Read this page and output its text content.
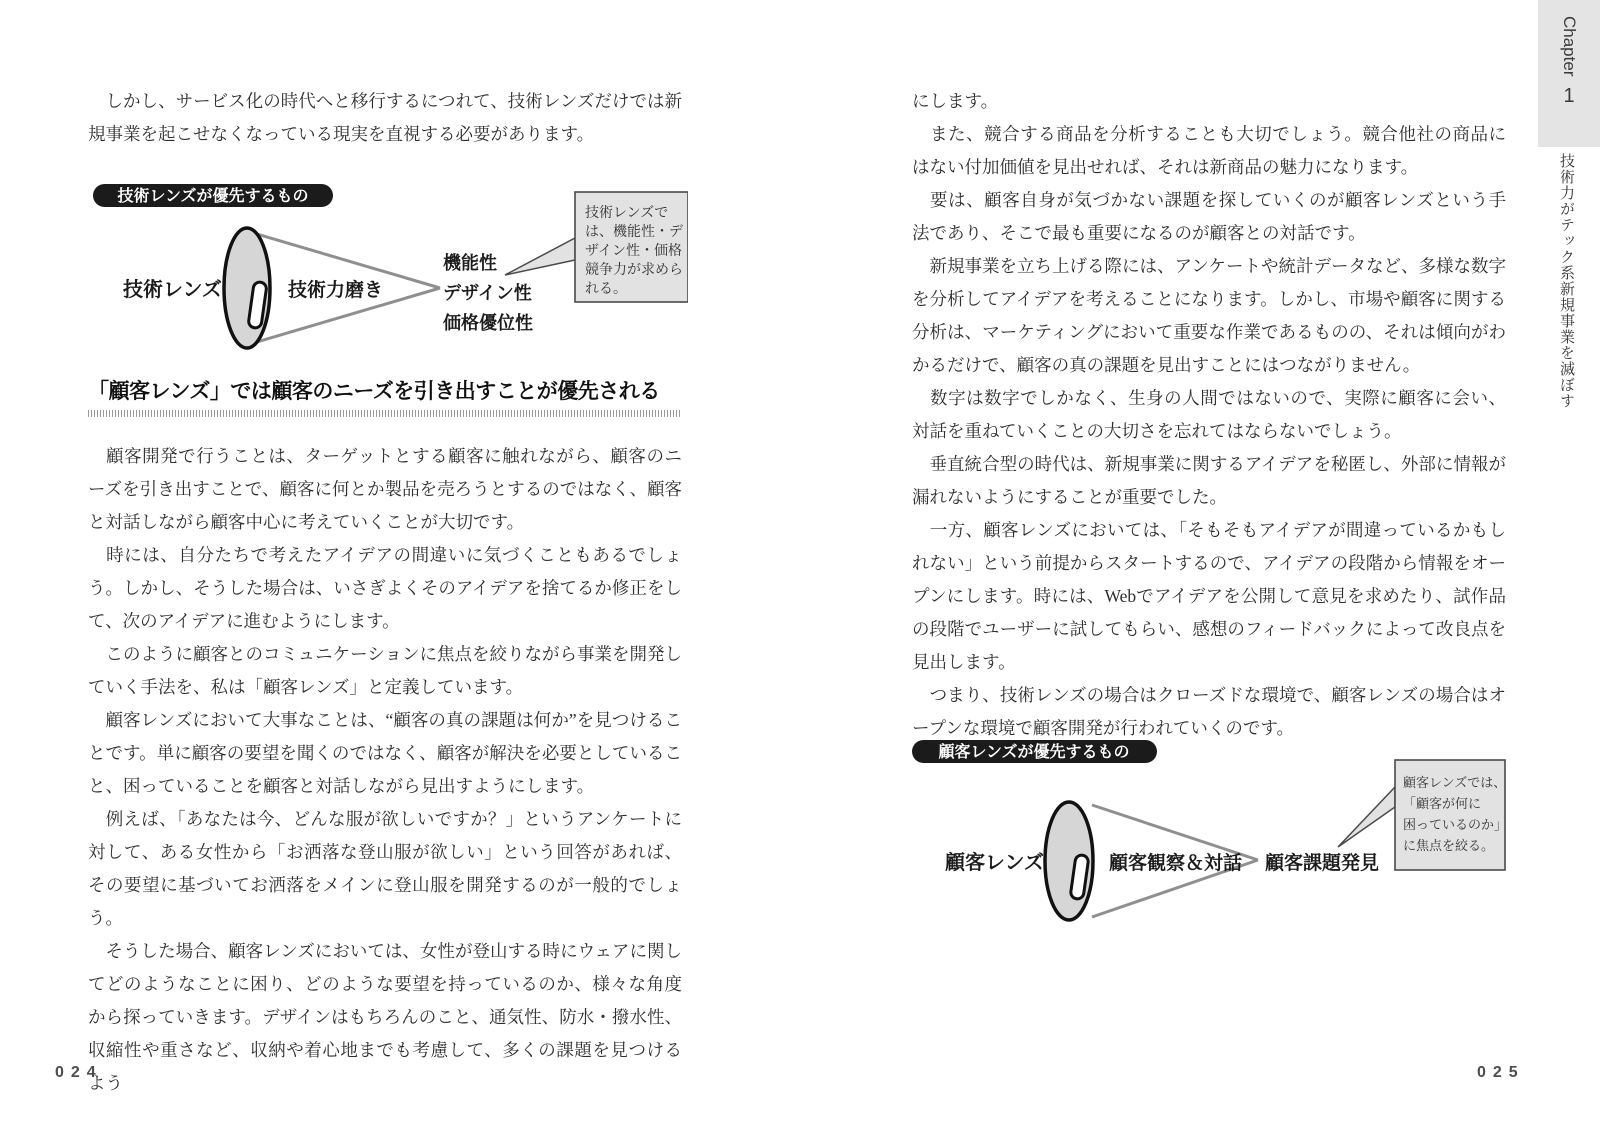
　しかし、サービス化の時代へと移行するにつれて、技術レンズだけでは新規事業を起こせなくなっている現実を直視する必要があります。

技術レンズが優先するもの
技術レンズ	技術力磨き
機能性
デザイン性
価格優位性
技術レンズで
は、機能性・デ
ザイン性・価格
競争力が求めら
れる。
「顧客レンズ」では顧客のニーズを引き出すことが優先される

　顧客開発で行うことは、ターゲットとする顧客に触れながら、顧客のニーズを引き出すことで、顧客に何とか製品を売ろうとするのではなく、顧客と対話しながら顧客中心に考えていくことが大切です。

　時には、自分たちで考えたアイデアの間違いに気づくこともあるでしょう。しかし、そうした場合は、いさぎよくそのアイデアを捨てるか修正をして、次のアイデアに進むようにします。

　このように顧客とのコミュニケーションに焦点を絞りながら事業を開発していく手法を、私は「顧客レンズ」と定義しています。

　顧客レンズにおいて大事なことは、“顧客の真の課題は何か”を見つけることです。単に顧客の要望を聞くのではなく、顧客が解決を必要としていること、困っていることを顧客と対話しながら見出すようにします。

　例えば、「あなたは今、どんな服が欲しいですか？」というアンケートに対して、ある女性から「お洒落な登山服が欲しい」という回答があれば、その要望に基づいてお洒落をメインに登山服を開発するのが一般的でしょう。

　そうした場合、顧客レンズにおいては、女性が登山する時にウェアに関してどのようなことに困り、どのような要望を持っているのか、様々な角度から探っていきます。デザインはもちろんのこと、通気性、防水・撥水性、収縮性や重さなど、収納や着心地までも考慮して、多くの課題を見つけるよう

024

にします。

　また、競合する商品を分析することも大切でしょう。競合他社の商品にはない付加価値を見出せれば、それは新商品の魅力になります。

　要は、顧客自身が気づかない課題を探していくのが顧客レンズという手法であり、そこで最も重要になるのが顧客との対話です。

　新規事業を立ち上げる際には、アンケートや統計データなど、多様な数字を分析してアイデアを考えることになります。しかし、市場や顧客に関する分析は、マーケティングにおいて重要な作業であるものの、それは傾向がわかるだけで、顧客の真の課題を見出すことにはつながりません。

　数字は数字でしかなく、生身の人間ではないので、実際に顧客に会い、対話を重ねていくことの大切さを忘れてはならないでしょう。

　垂直統合型の時代は、新規事業に関するアイデアを秘匿し、外部に情報が漏れないようにすることが重要でした。

　一方、顧客レンズにおいては、「そもそもアイデアが間違っているかもしれない」という前提からスタートするので、アイデアの段階から情報をオープンにします。時には、Webでアイデアを公開して意見を求めたり、試作品の段階でユーザーに試してもらい、感想のフィードバックによって改良点を見出します。

　つまり、技術レンズの場合はクローズドな環境で、顧客レンズの場合はオープンな環境で顧客開発が行われていくのです。

顧客レンズが優先するもの
顧客レンズ	顧客観察＆対話 顧客課題発見
顧客レンズでは、
「顧客が何に
困っているのか」
に焦点を絞る。
025
Chapter
1
技術力がテック系新規事業を滅ぼす
